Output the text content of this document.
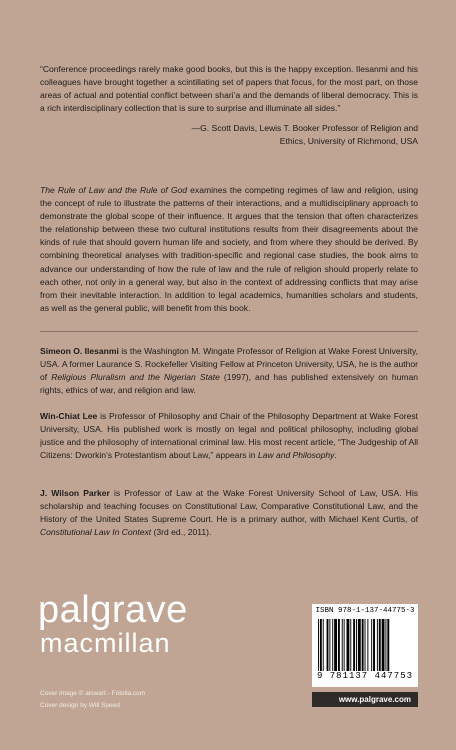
“Conference proceedings rarely make good books, but this is the happy exception. Ilesanmi and his colleagues have brought together a scintillating set of papers that focus, for the most part, on those areas of actual and potential conflict between shari’a and the demands of liberal democracy. This is a rich interdisciplinary collection that is sure to surprise and illuminate all sides.”
—G. Scott Davis, Lewis T. Booker Professor of Religion and
Ethics, University of Richmond, USA
The Rule of Law and the Rule of God examines the competing regimes of law and religion, using the concept of rule to illustrate the patterns of their interactions, and a multidisciplinary approach to demonstrate the global scope of their influence. It argues that the tension that often characterizes the relationship between these two cultural institutions results from their disagreements about the kinds of rule that should govern human life and society, and from where they should be derived. By combining theoretical analyses with tradition-specific and regional case studies, the book aims to advance our understanding of how the rule of law and the rule of religion should properly relate to each other, not only in a general way, but also in the context of addressing conflicts that may arise from their inevitable interaction. In addition to legal academics, humanities scholars and students, as well as the general public, will benefit from this book.
Simeon O. Ilesanmi is the Washington M. Wingate Professor of Religion at Wake Forest University, USA. A former Laurance S. Rockefeller Visiting Fellow at Princeton University, USA, he is the author of Religious Pluralism and the Nigerian State (1997), and has published extensively on human rights, ethics of war, and religion and law.
Win-Chiat Lee is Professor of Philosophy and Chair of the Philosophy Department at Wake Forest University, USA. His published work is mostly on legal and political philosophy, including global justice and the philosophy of international criminal law. His most recent article, “The Judgeship of All Citizens: Dworkin’s Protestantism about Law,” appears in Law and Philosophy.
J. Wilson Parker is Professor of Law at the Wake Forest University School of Law, USA. His scholarship and teaching focuses on Constitutional Law, Comparative Constitutional Law, and the History of the United States Supreme Court. He is a primary author, with Michael Kent Curtis, of Constitutional Law In Context (3rd ed., 2011).
palgrave
macmillan
Cover image © alswart - Fotolia.com
Cover design by Will Speed
ISBN 978-1-137-44775-3
9 781137 447753
www.palgrave.com
